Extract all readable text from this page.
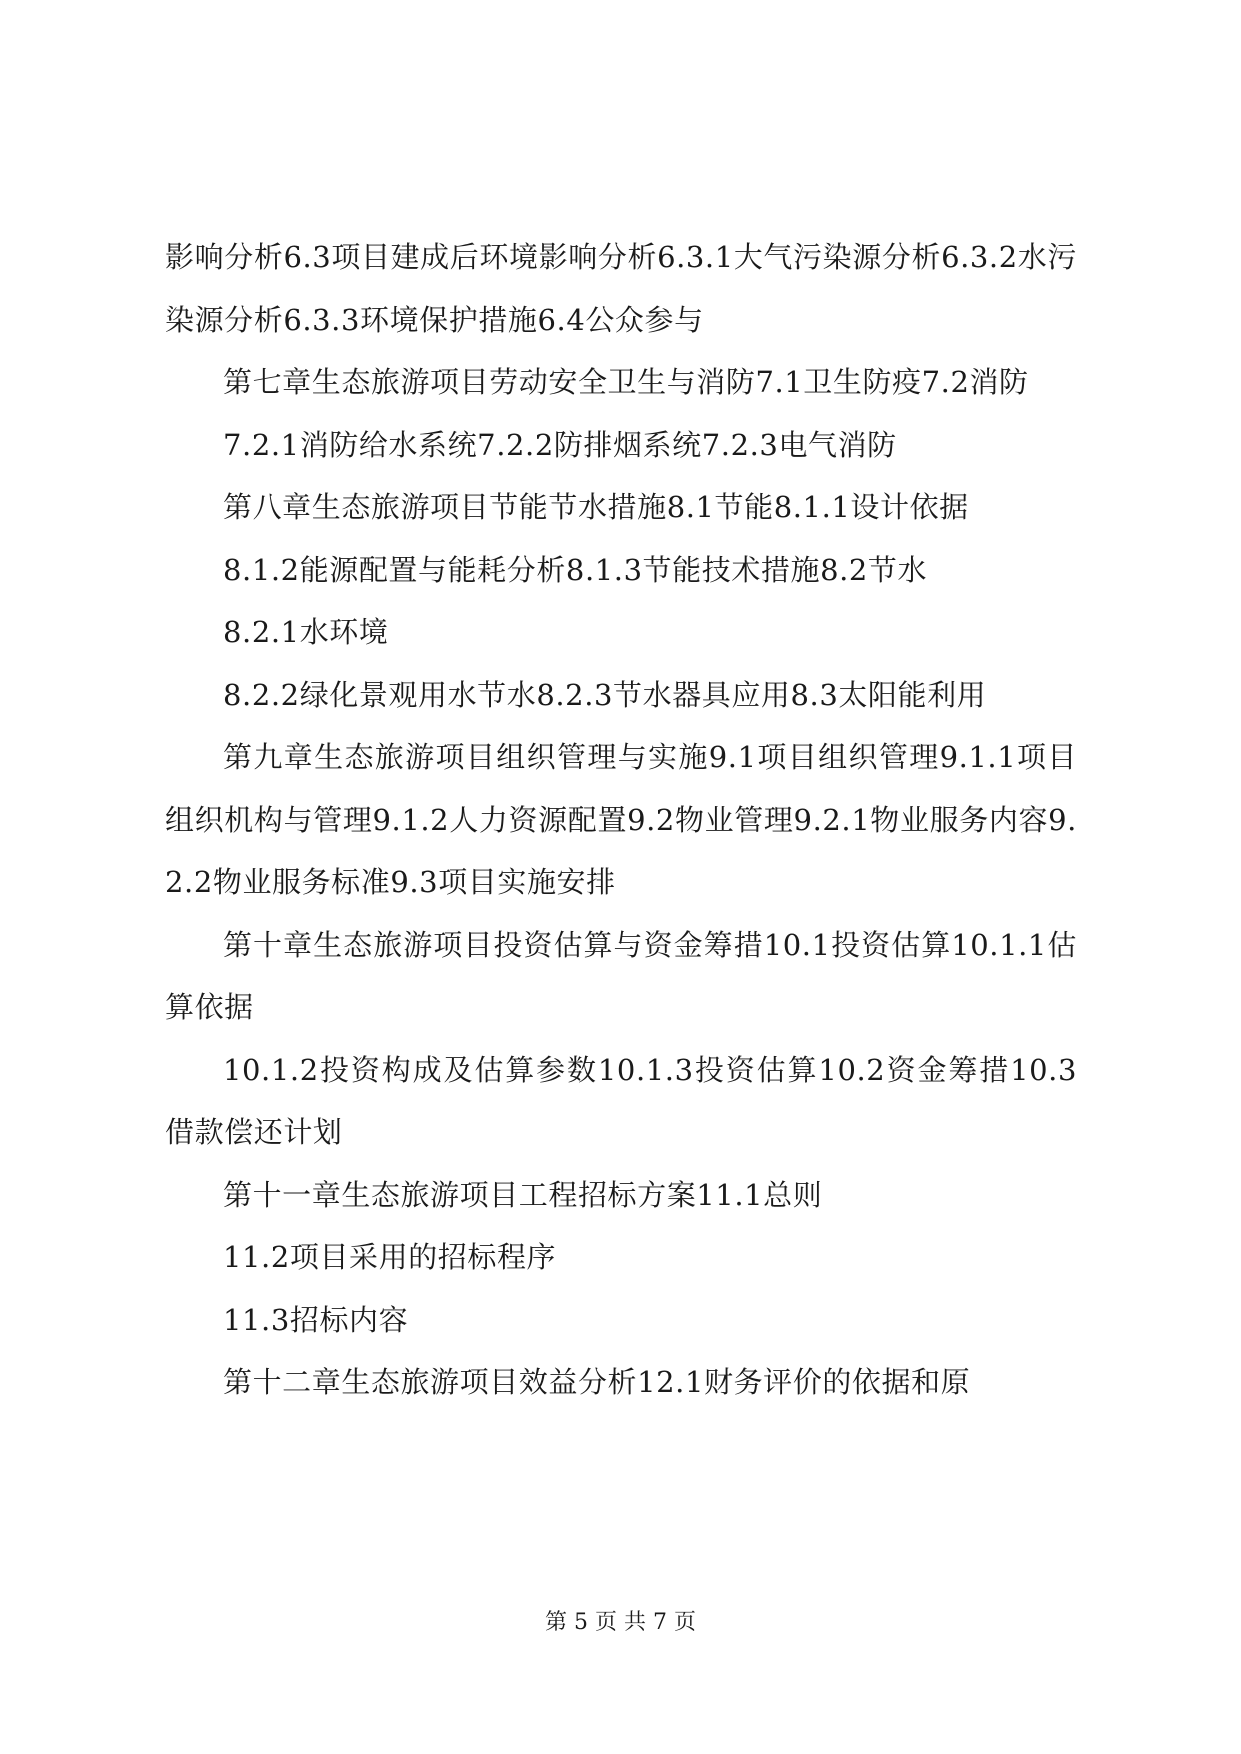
影响分析6.3项目建成后环境影响分析6.3.1大气污染源分析6.3.2水污染源分析6.3.3环境保护措施6.4公众参与

第七章生态旅游项目劳动安全卫生与消防7.1卫生防疫7.2消防

7.2.1消防给水系统7.2.2防排烟系统7.2.3电气消防

第八章生态旅游项目节能节水措施8.1节能8.1.1设计依据

8.1.2能源配置与能耗分析8.1.3节能技术措施8.2节水

8.2.1水环境

8.2.2绿化景观用水节水8.2.3节水器具应用8.3太阳能利用

第九章生态旅游项目组织管理与实施9.1项目组织管理9.1.1项目组织机构与管理9.1.2人力资源配置9.2物业管理9.2.1物业服务内容9.2.2物业服务标准9.3项目实施安排

第十章生态旅游项目投资估算与资金筹措10.1投资估算10.1.1估算依据

10.1.2投资构成及估算参数10.1.3投资估算10.2资金筹措10.3借款偿还计划

第十一章生态旅游项目工程招标方案11.1总则

11.2项目采用的招标程序

11.3招标内容

第十二章生态旅游项目效益分析12.1财务评价的依据和原

第 5 页 共 7 页
